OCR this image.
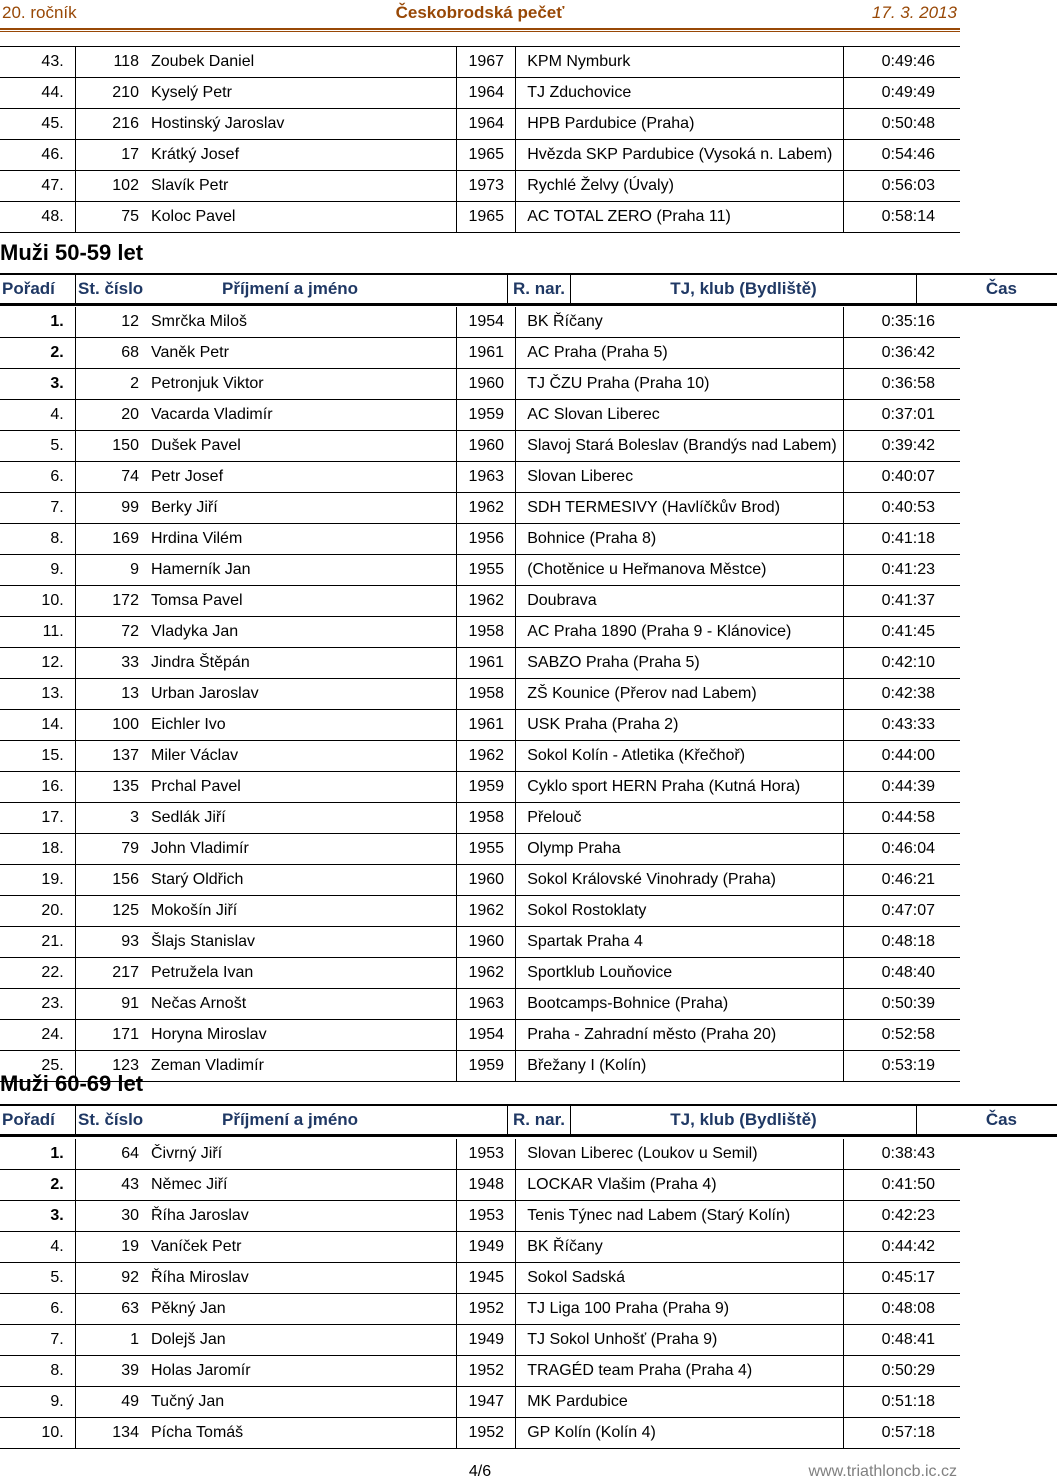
20. ročník	Českobrodská pečeť	17. 3. 2013
43.	118	Zoubek Daniel	1967	KPM Nymburk	0:49:46
44.	210	Kyselý Petr	1964	TJ Zduchovice	0:49:49
45.	216	Hostinský Jaroslav	1964	HPB Pardubice (Praha)	0:50:48
46.	17	Krátký Josef	1965	Hvězda SKP Pardubice (Vysoká n. Labem)	0:54:46
47.	102	Slavík Petr	1973	Rychlé Želvy (Úvaly)	0:56:03
48.	75	Koloc Pavel	1965	AC TOTAL ZERO (Praha 11)	0:58:14
Muži 50-59 let
Pořadí	St. číslo	Příjmení a jméno	R. nar.	TJ, klub (Bydliště)	Čas
1.	12	Smrčka Miloš	1954	BK Říčany	0:35:16
2.	68	Vaněk Petr	1961	AC Praha (Praha 5)	0:36:42
3.	2	Petronjuk Viktor	1960	TJ ČZU Praha (Praha 10)	0:36:58
4.	20	Vacarda Vladimír	1959	AC Slovan Liberec	0:37:01
5.	150	Dušek Pavel	1960	Slavoj Stará Boleslav (Brandýs nad Labem)	0:39:42
6.	74	Petr Josef	1963	Slovan Liberec	0:40:07
7.	99	Berky Jiří	1962	SDH TERMESIVY (Havlíčkův Brod)	0:40:53
8.	169	Hrdina Vilém	1956	Bohnice (Praha 8)	0:41:18
9.	9	Hamerník Jan	1955	(Chotěnice u Heřmanova Městce)	0:41:23
10.	172	Tomsa Pavel	1962	Doubrava	0:41:37
11.	72	Vladyka Jan	1958	AC Praha 1890 (Praha 9 - Klánovice)	0:41:45
12.	33	Jindra Štěpán	1961	SABZO Praha (Praha 5)	0:42:10
13.	13	Urban Jaroslav	1958	ZŠ Kounice (Přerov nad Labem)	0:42:38
14.	100	Eichler Ivo	1961	USK Praha (Praha 2)	0:43:33
15.	137	Miler Václav	1962	Sokol Kolín - Atletika (Křečhoř)	0:44:00
16.	135	Prchal Pavel	1959	Cyklo sport HERN Praha (Kutná Hora)	0:44:39
17.	3	Sedlák Jiří	1958	Přelouč	0:44:58
18.	79	John Vladimír	1955	Olymp Praha	0:46:04
19.	156	Starý Oldřich	1960	Sokol Královské Vinohrady (Praha)	0:46:21
20.	125	Mokošín Jiří	1962	Sokol Rostoklaty	0:47:07
21.	93	Šlajs Stanislav	1960	Spartak Praha 4	0:48:18
22.	217	Petružela Ivan	1962	Sportklub Louňovice	0:48:40
23.	91	Nečas Arnošt	1963	Bootcamps-Bohnice (Praha)	0:50:39
24.	171	Horyna Miroslav	1954	Praha - Zahradní město (Praha 20)	0:52:58
25.	123	Zeman Vladimír	1959	Břežany I (Kolín)	0:53:19
Muži 60-69 let
Pořadí	St. číslo	Příjmení a jméno	R. nar.	TJ, klub (Bydliště)	Čas
1.	64	Čivrný Jiří	1953	Slovan Liberec (Loukov u Semil)	0:38:43
2.	43	Němec Jiří	1948	LOCKAR Vlašim (Praha 4)	0:41:50
3.	30	Říha Jaroslav	1953	Tenis Týnec nad Labem (Starý Kolín)	0:42:23
4.	19	Vaníček Petr	1949	BK Říčany	0:44:42
5.	92	Říha Miroslav	1945	Sokol Sadská	0:45:17
6.	63	Pěkný Jan	1952	TJ Liga 100 Praha (Praha 9)	0:48:08
7.	1	Dolejš Jan	1949	TJ Sokol Unhošť (Praha 9)	0:48:41
8.	39	Holas Jaromír	1952	TRAGÉD team Praha (Praha 4)	0:50:29
9.	49	Tučný Jan	1947	MK Pardubice	0:51:18
10.	134	Pícha Tomáš	1952	GP Kolín (Kolín 4)	0:57:18
4/6	www.triathloncb.ic.cz
